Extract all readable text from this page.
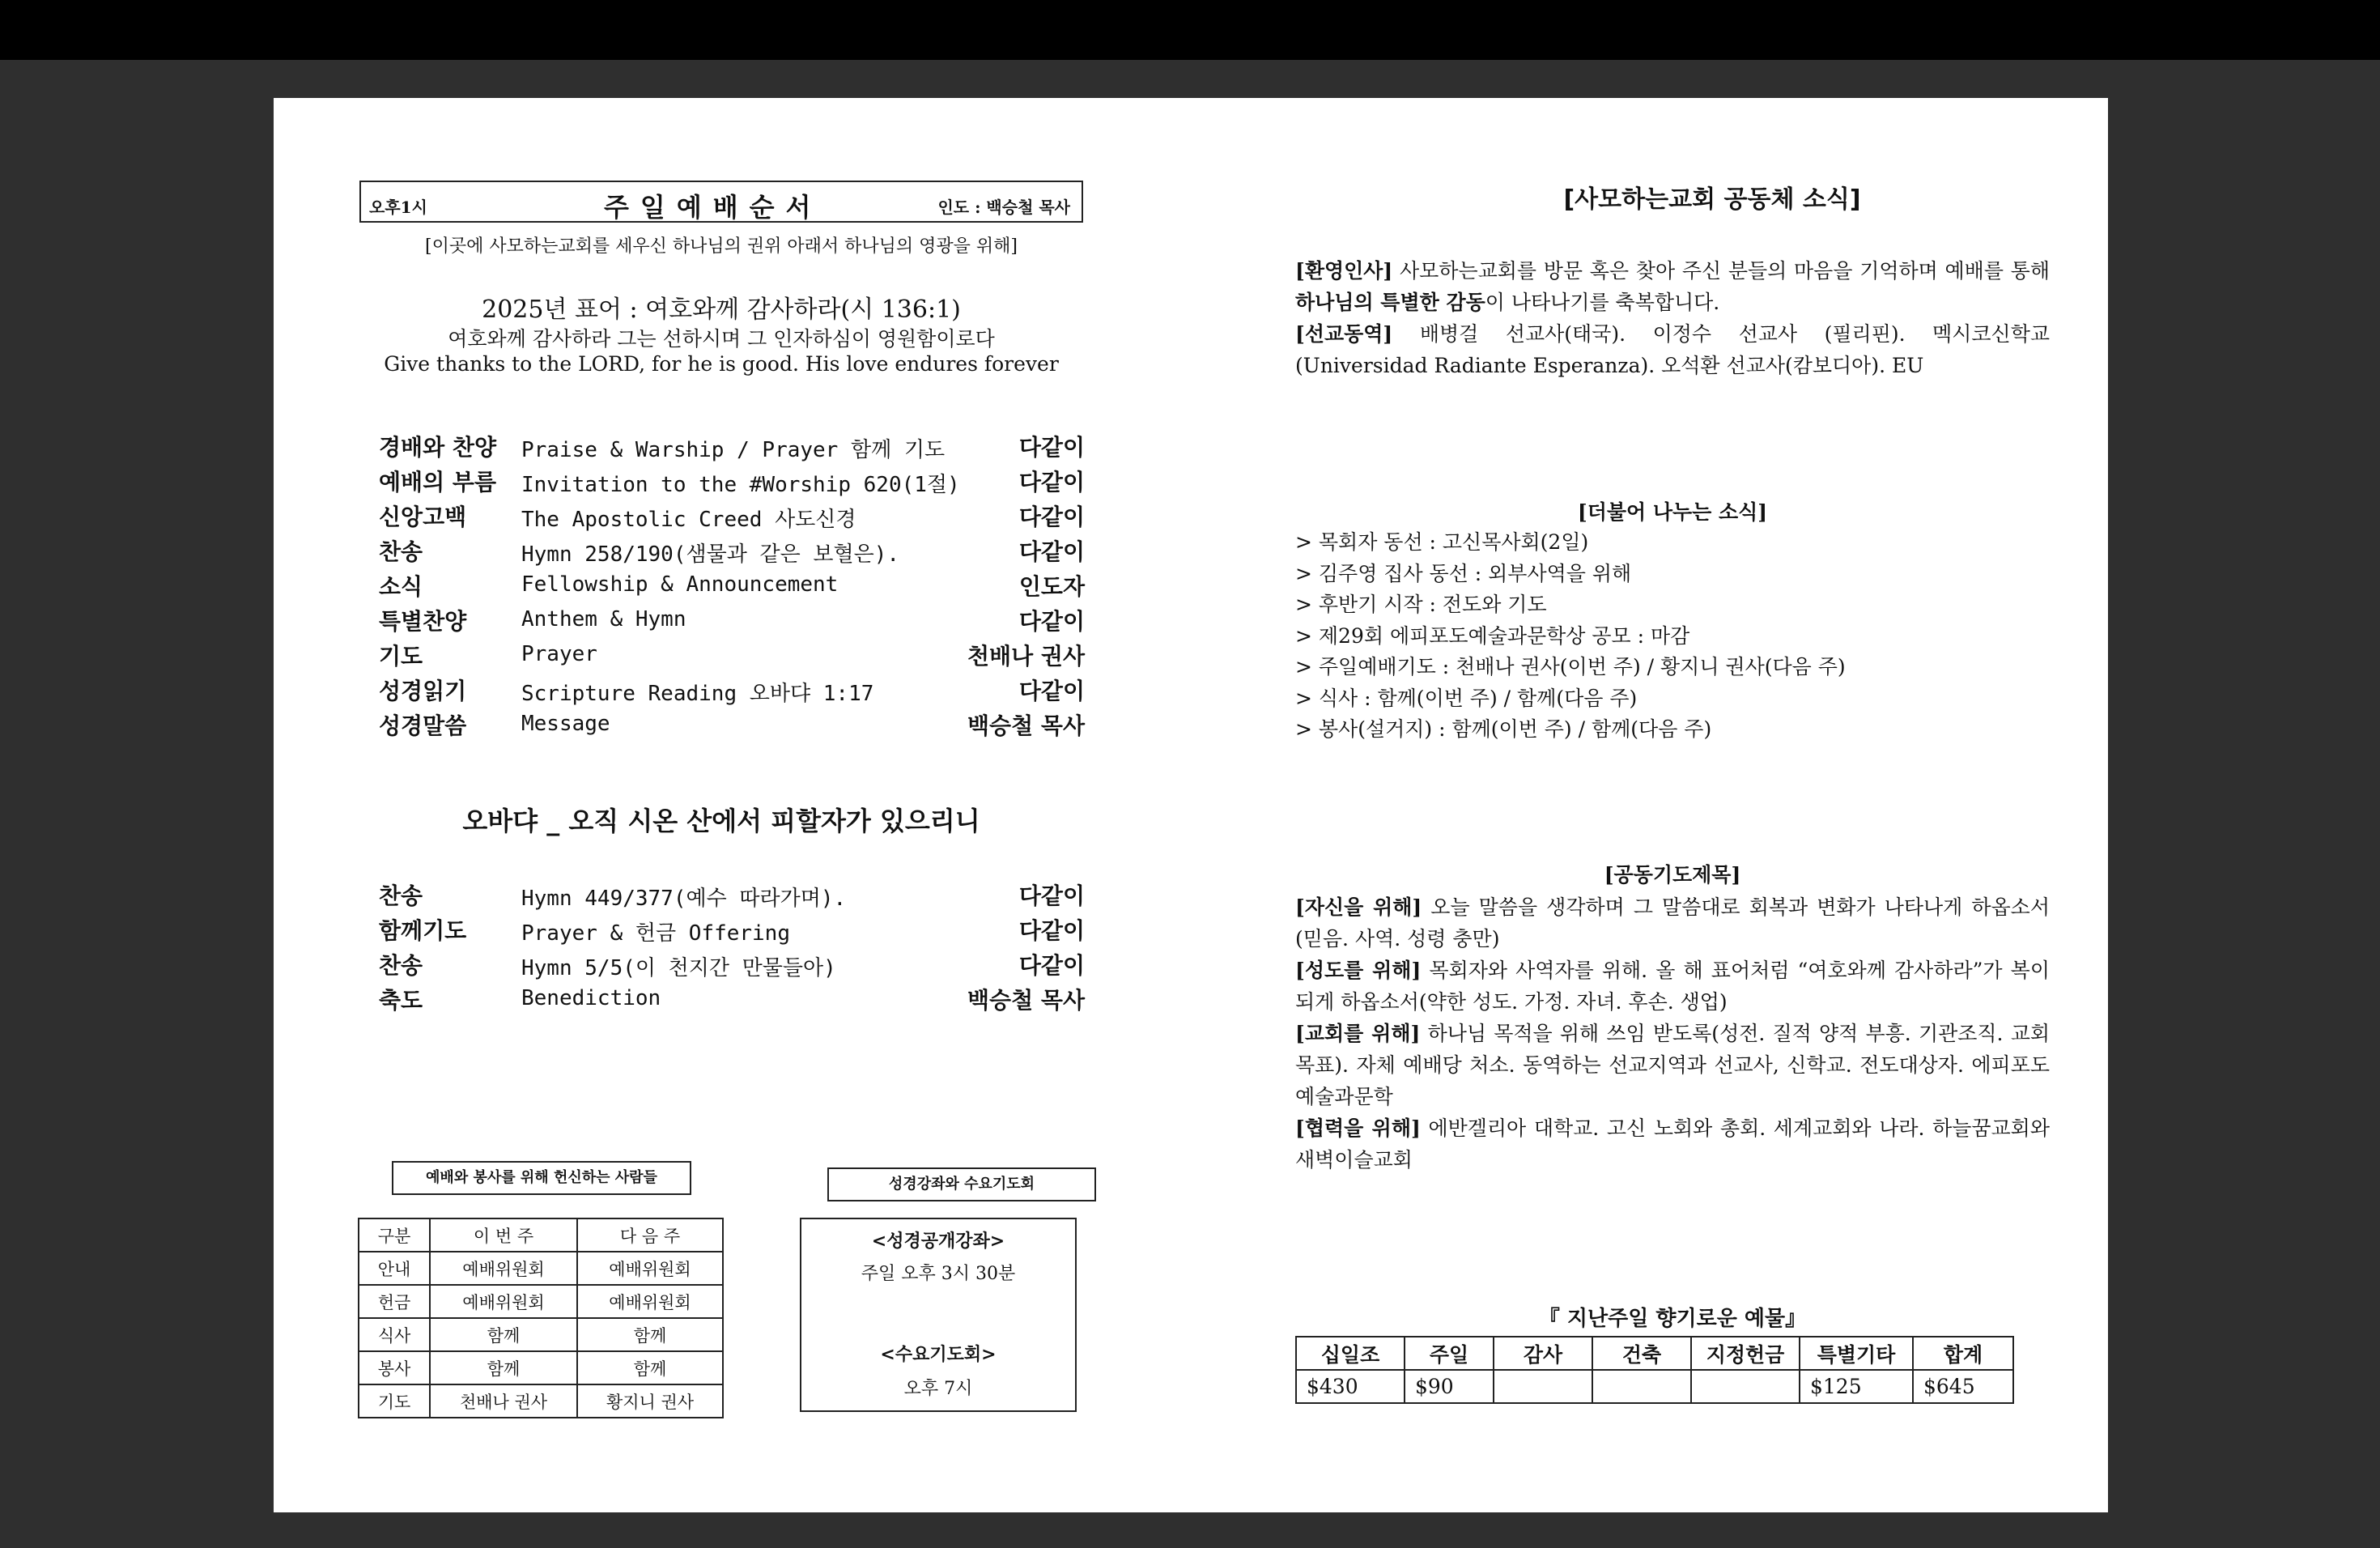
오후1시	주일예배순서	인도 : 백승철 목사
[이곳에 사모하는교회를 세우신 하나님의 권위 아래서 하나님의 영광을 위해]
2025년 표어 : 여호와께 감사하라(시 136:1)
여호와께 감사하라 그는 선하시며 그 인자하심이 영원함이로다
Give thanks to the LORD, for he is good. His love endures forever
경배와 찬양	Praise & Warship / Prayer 함께 기도	다같이
예배의 부름	Invitation to the #Worship 620(1절)	다같이
신앙고백	The Apostolic Creed 사도신경	다같이
찬송	Hymn 258/190(샘물과 같은 보혈은).	다같이
소식	Fellowship & Announcement	인도자
특별찬양	Anthem & Hymn	다같이
기도	Prayer	천배나 권사
성경읽기	Scripture Reading 오바댜 1:17	다같이
성경말씀	Message	백승철 목사
오바댜 _ 오직 시온 산에서 피할자가 있으리니
찬송	Hymn 449/377(예수 따라가며).	다같이
함께기도	Prayer & 헌금 Offering	다같이
찬송	Hymn 5/5(이 천지간 만물들아)	다같이
축도	Benediction	백승철 목사
예배와 봉사를 위해 헌신하는 사람들	성경강좌와 수요기도회
구분	이 번 주	다 음 주
안내	예배위원회	예배위원회
헌금	예배위원회	예배위원회
식사	함께	함께
봉사	함께	함께
기도	천배나 권사	황지니 권사
<성경공개강좌>
주일 오후 3시 30분
<수요기도회>
오후 7시
[사모하는교회 공동체 소식]
[환영인사] 사모하는교회를 방문 혹은 찾아 주신 분들의 마음을 기억하며 예배를 통해 하나님의 특별한 감동이 나타나기를 축복합니다.
[선교동역] 배병걸 선교사(태국). 이정수 선교사 (필리핀). 멕시코신학교(Universidad Radiante Esperanza). 오석환 선교사(캄보디아). EU
[더불어 나누는 소식]
> 목회자 동선 : 고신목사회(2일)
> 김주영 집사 동선 : 외부사역을 위해
> 후반기 시작 : 전도와 기도
> 제29회 에피포도예술과문학상 공모 : 마감
> 주일예배기도 : 천배나 권사(이번 주) / 황지니 권사(다음 주)
> 식사 : 함께(이번 주) / 함께(다음 주)
> 봉사(설거지) : 함께(이번 주) / 함께(다음 주)
[공동기도제목]
[자신을 위해] 오늘 말씀을 생각하며 그 말씀대로 회복과 변화가 나타나게 하옵소서(믿음. 사역. 성령 충만)
[성도를 위해] 목회자와 사역자를 위해. 올 해 표어처럼 “여호와께 감사하라”가 복이 되게 하옵소서(약한 성도. 가정. 자녀. 후손. 생업)
[교회를 위해] 하나님 목적을 위해 쓰임 받도록(성전. 질적 양적 부흥. 기관조직. 교회 목표). 자체 예배당 처소. 동역하는 선교지역과 선교사, 신학교. 전도대상자. 에피포도예술과문학
[협력을 위해] 에반겔리아 대학교. 고신 노회와 총회. 세계교회와 나라. 하늘꿈교회와 새벽이슬교회
『 지난주일 향기로운 예물』
십일조	주일	감사	건축	지정헌금	특별기타	합계
$430	$90				$125	$645
